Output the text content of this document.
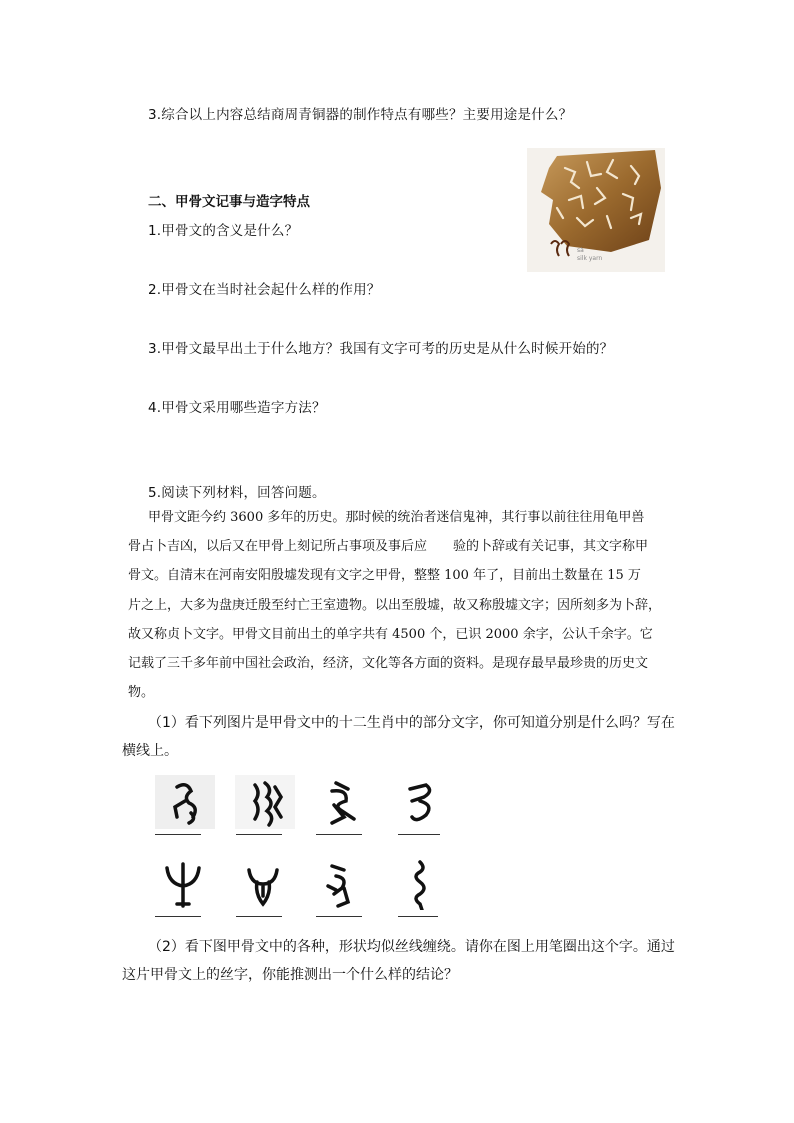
3.综合以上内容总结商周青铜器的制作特点有哪些？主要用途是什么？
sà
silk yarn
二、甲骨文记事与造字特点
1.甲骨文的含义是什么？
2.甲骨文在当时社会起什么样的作用？
3.甲骨文最早出土于什么地方？我国有文字可考的历史是从什么时候开始的？
4.甲骨文采用哪些造字方法？
5.阅读下列材料，回答问题。
甲骨文距今约 3600 多年的历史。那时候的统治者迷信鬼神，其行事以前往往用龟甲兽
骨占卜吉凶，以后又在甲骨上刻记所占事项及事后应　　验的卜辞或有关记事，其文字称甲
骨文。自清末在河南安阳殷墟发现有文字之甲骨，整整 100 年了，目前出土数量在 15 万
片之上，大多为盘庚迁殷至纣亡王室遗物。以出至殷墟，故又称殷墟文字；因所刻多为卜辞，
故又称贞卜文字。甲骨文目前出土的单字共有 4500 个，已识 2000 余字，公认千余字。它
记载了三千多年前中国社会政治，经济，文化等各方面的资料。是现存最早最珍贵的历史文
物。
（1）看下列图片是甲骨文中的十二生肖中的部分文字，你可知道分别是什么吗？写在
横线上。
（2）看下图甲骨文中的各种，形状均似丝线缠绕。请你在图上用笔圈出这个字。通过
这片甲骨文上的丝字，你能推测出一个什么样的结论？
